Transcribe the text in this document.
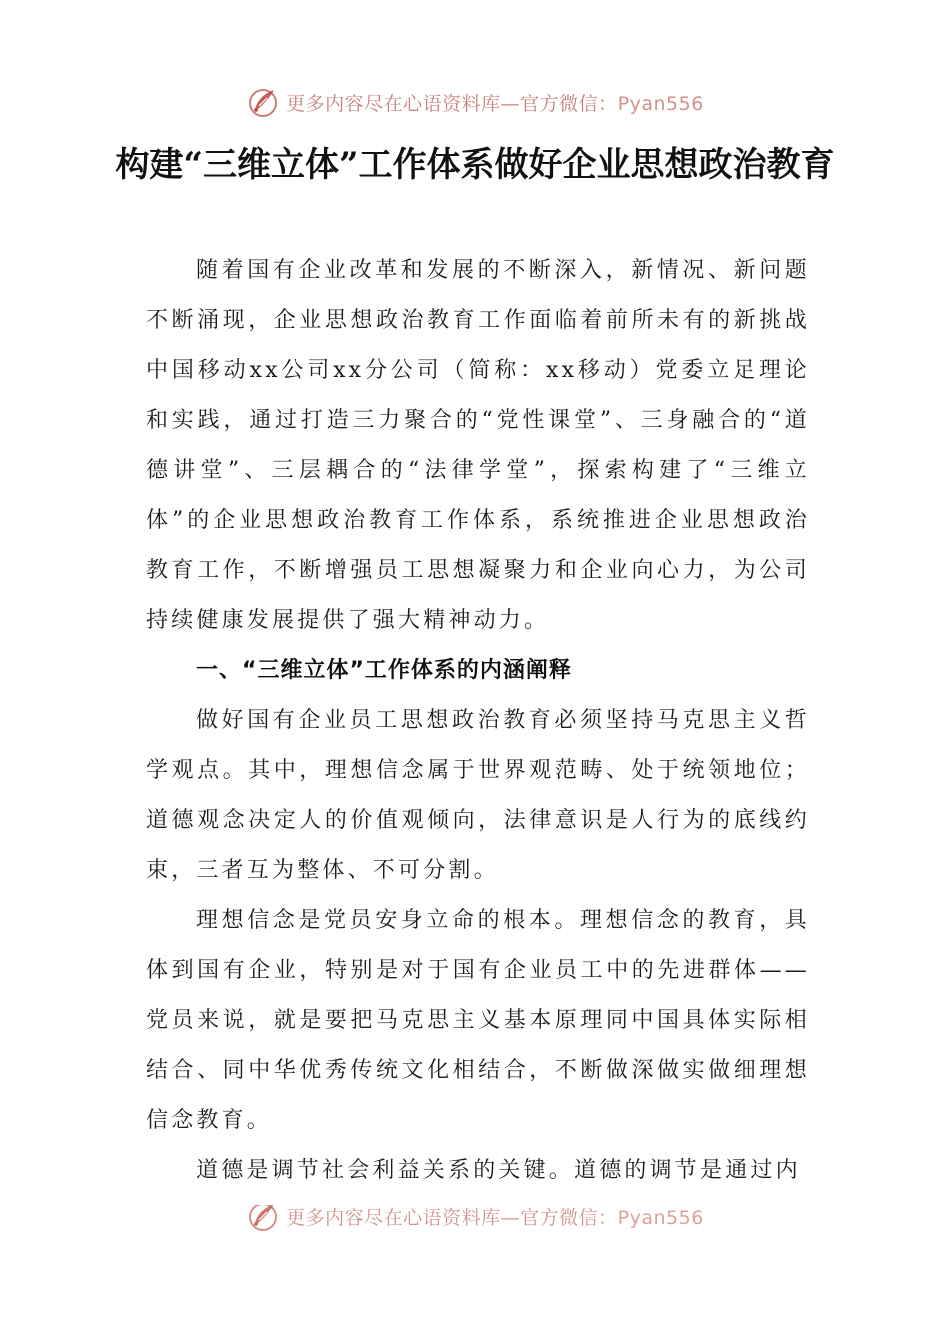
更多内容尽在心语资料库—官方微信：Pyan556
构建“三维立体”工作体系做好企业思想政治教育

随着国有企业改革和发展的不断深入，新情况、新问题不断涌现，企业思想政治教育工作面临着前所未有的新挑战中国移动xx公司xx分公司（简称：xx移动）党委立足理论和实践，通过打造三力聚合的“党性课堂”、三身融合的“道德讲堂”、三层耦合的“法律学堂”，探索构建了“三维立体”的企业思想政治教育工作体系，系统推进企业思想政治教育工作，不断增强员工思想凝聚力和企业向心力，为公司持续健康发展提供了强大精神动力。

一、“三维立体”工作体系的内涵阐释

做好国有企业员工思想政治教育必须坚持马克思主义哲学观点。其中，理想信念属于世界观范畴、处于统领地位；道德观念决定人的价值观倾向，法律意识是人行为的底线约束，三者互为整体、不可分割。

理想信念是党员安身立命的根本。理想信念的教育，具体到国有企业，特别是对于国有企业员工中的先进群体——党员来说，就是要把马克思主义基本原理同中国具体实际相结合、同中华优秀传统文化相结合，不断做深做实做细理想信念教育。

道德是调节社会利益关系的关键。道德的调节是通过内

更多内容尽在心语资料库—官方微信：Pyan556
